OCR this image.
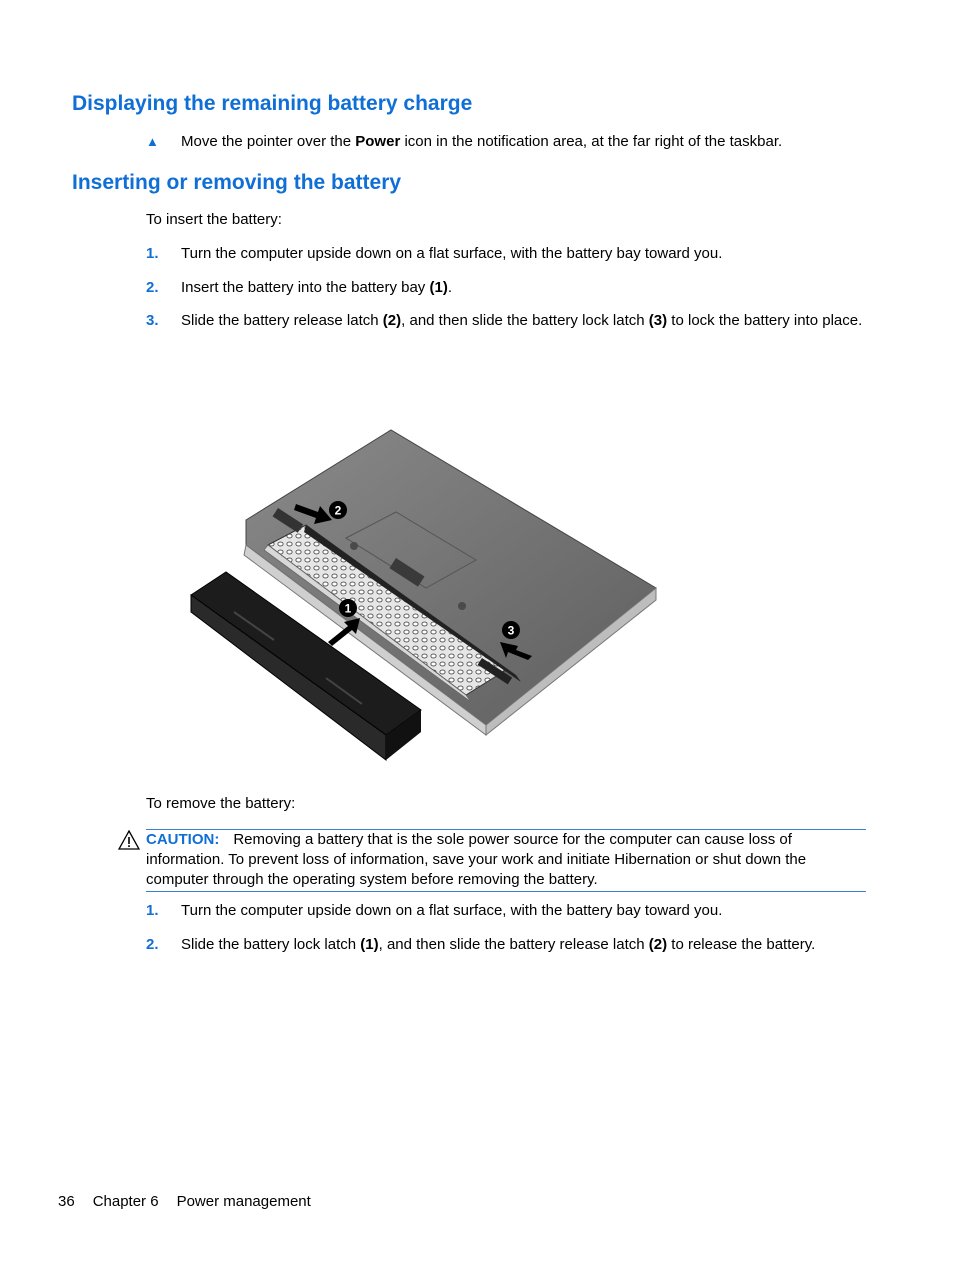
Displaying the remaining battery charge
▲ Move the pointer over the Power icon in the notification area, at the far right of the taskbar.
Inserting or removing the battery

To insert the battery:

1. Turn the computer upside down on a flat surface, with the battery bay toward you.
2. Insert the battery into the battery bay (1).
3. Slide the battery release latch (2), and then slide the battery lock latch (3) to lock the battery into place.
2
1
3

To remove the battery:

CAUTION: Removing a battery that is the sole power source for the computer can cause loss of information. To prevent loss of information, save your work and initiate Hibernation or shut down the computer through the operating system before removing the battery.
1. Turn the computer upside down on a flat surface, with the battery bay toward you.
2. Slide the battery lock latch (1), and then slide the battery release latch (2) to release the battery.
36 Chapter 6 Power management
